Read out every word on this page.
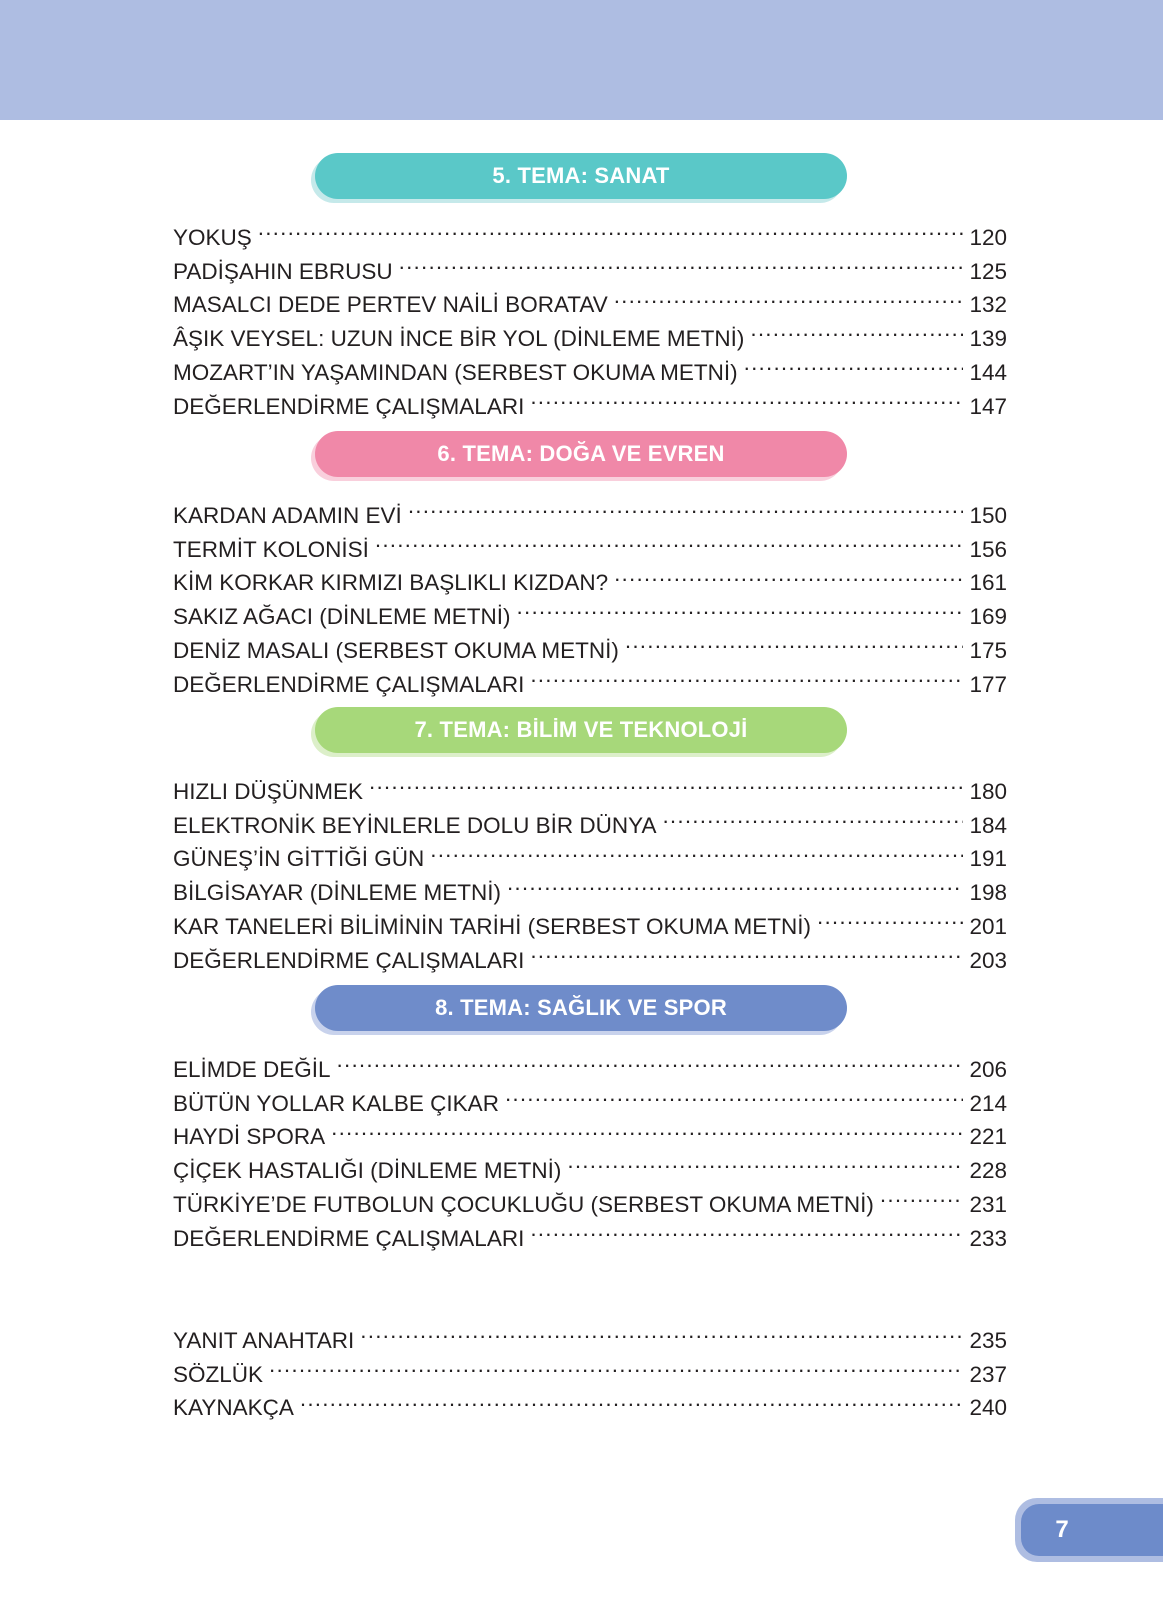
5. TEMA: SANAT
YOKUŞ .....	120
PADİŞAHIN EBRUSU .....	125
MASALCI DEDE PERTEV NAİLİ BORATAV .....	132
ÂŞIK VEYSEL: UZUN İNCE BİR YOL (DİNLEME METNİ) .....	139
MOZART’IN YAŞAMINDAN (SERBEST OKUMA METNİ) .....	144
DEĞERLENDİRME ÇALIŞMALARI .....	147
6. TEMA: DOĞA VE EVREN
KARDAN ADAMIN EVİ .....	150
TERMİT KOLONİSİ .....	156
KİM KORKAR KIRMIZI BAŞLIKLI KIZDAN? .....	161
SAKIZ AĞACI (DİNLEME METNİ) .....	169
DENİZ MASALI (SERBEST OKUMA METNİ) .....	175
DEĞERLENDİRME ÇALIŞMALARI .....	177
7. TEMA: BİLİM VE TEKNOLOJİ
HIZLI DÜŞÜNMEK .....	180
ELEKTRONİK BEYİNLERLE DOLU BİR DÜNYA .....	184
GÜNEŞ’İN GİTTİĞİ GÜN .....	191
BİLGİSAYAR (DİNLEME METNİ) .....	198
KAR TANELERİ BİLİMİNİN TARİHİ (SERBEST OKUMA METNİ) .....	201
DEĞERLENDİRME ÇALIŞMALARI .....	203
8. TEMA: SAĞLIK VE SPOR
ELİMDE DEĞİL .....	206
BÜTÜN YOLLAR KALBE ÇIKAR .....	214
HAYDİ SPORA .....	221
ÇİÇEK HASTALIĞI (DİNLEME METNİ) .....	228
TÜRKİYE’DE FUTBOLUN ÇOCUKLUĞU (SERBEST OKUMA METNİ) .....	231
DEĞERLENDİRME ÇALIŞMALARI .....	233
YANIT ANAHTARI .....	235
SÖZLÜK .....	237
KAYNAKÇA .....	240
7
